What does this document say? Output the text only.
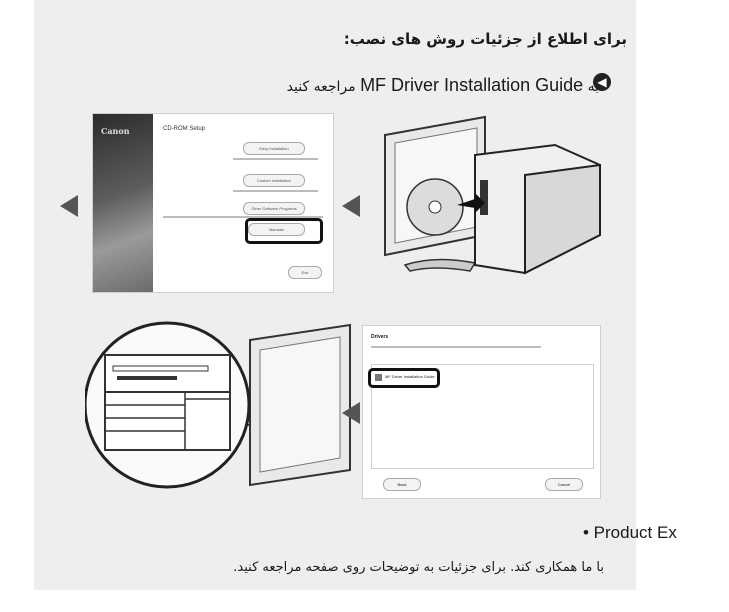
برای اطلاع از جزئیات روش های نصب:
◀
به MF Driver Installation Guide مراجعه کنید
Canon	CD-ROM Setup
Easy Installation
Custom Installation
Other Software Programs
Manuals
Exit
Drivers
Back	Cancel
MF Driver Installation Guide
• Product Ex
با ما همکاری کند. برای جزئیات به توضیحات روی صفحه مراجعه کنید.
